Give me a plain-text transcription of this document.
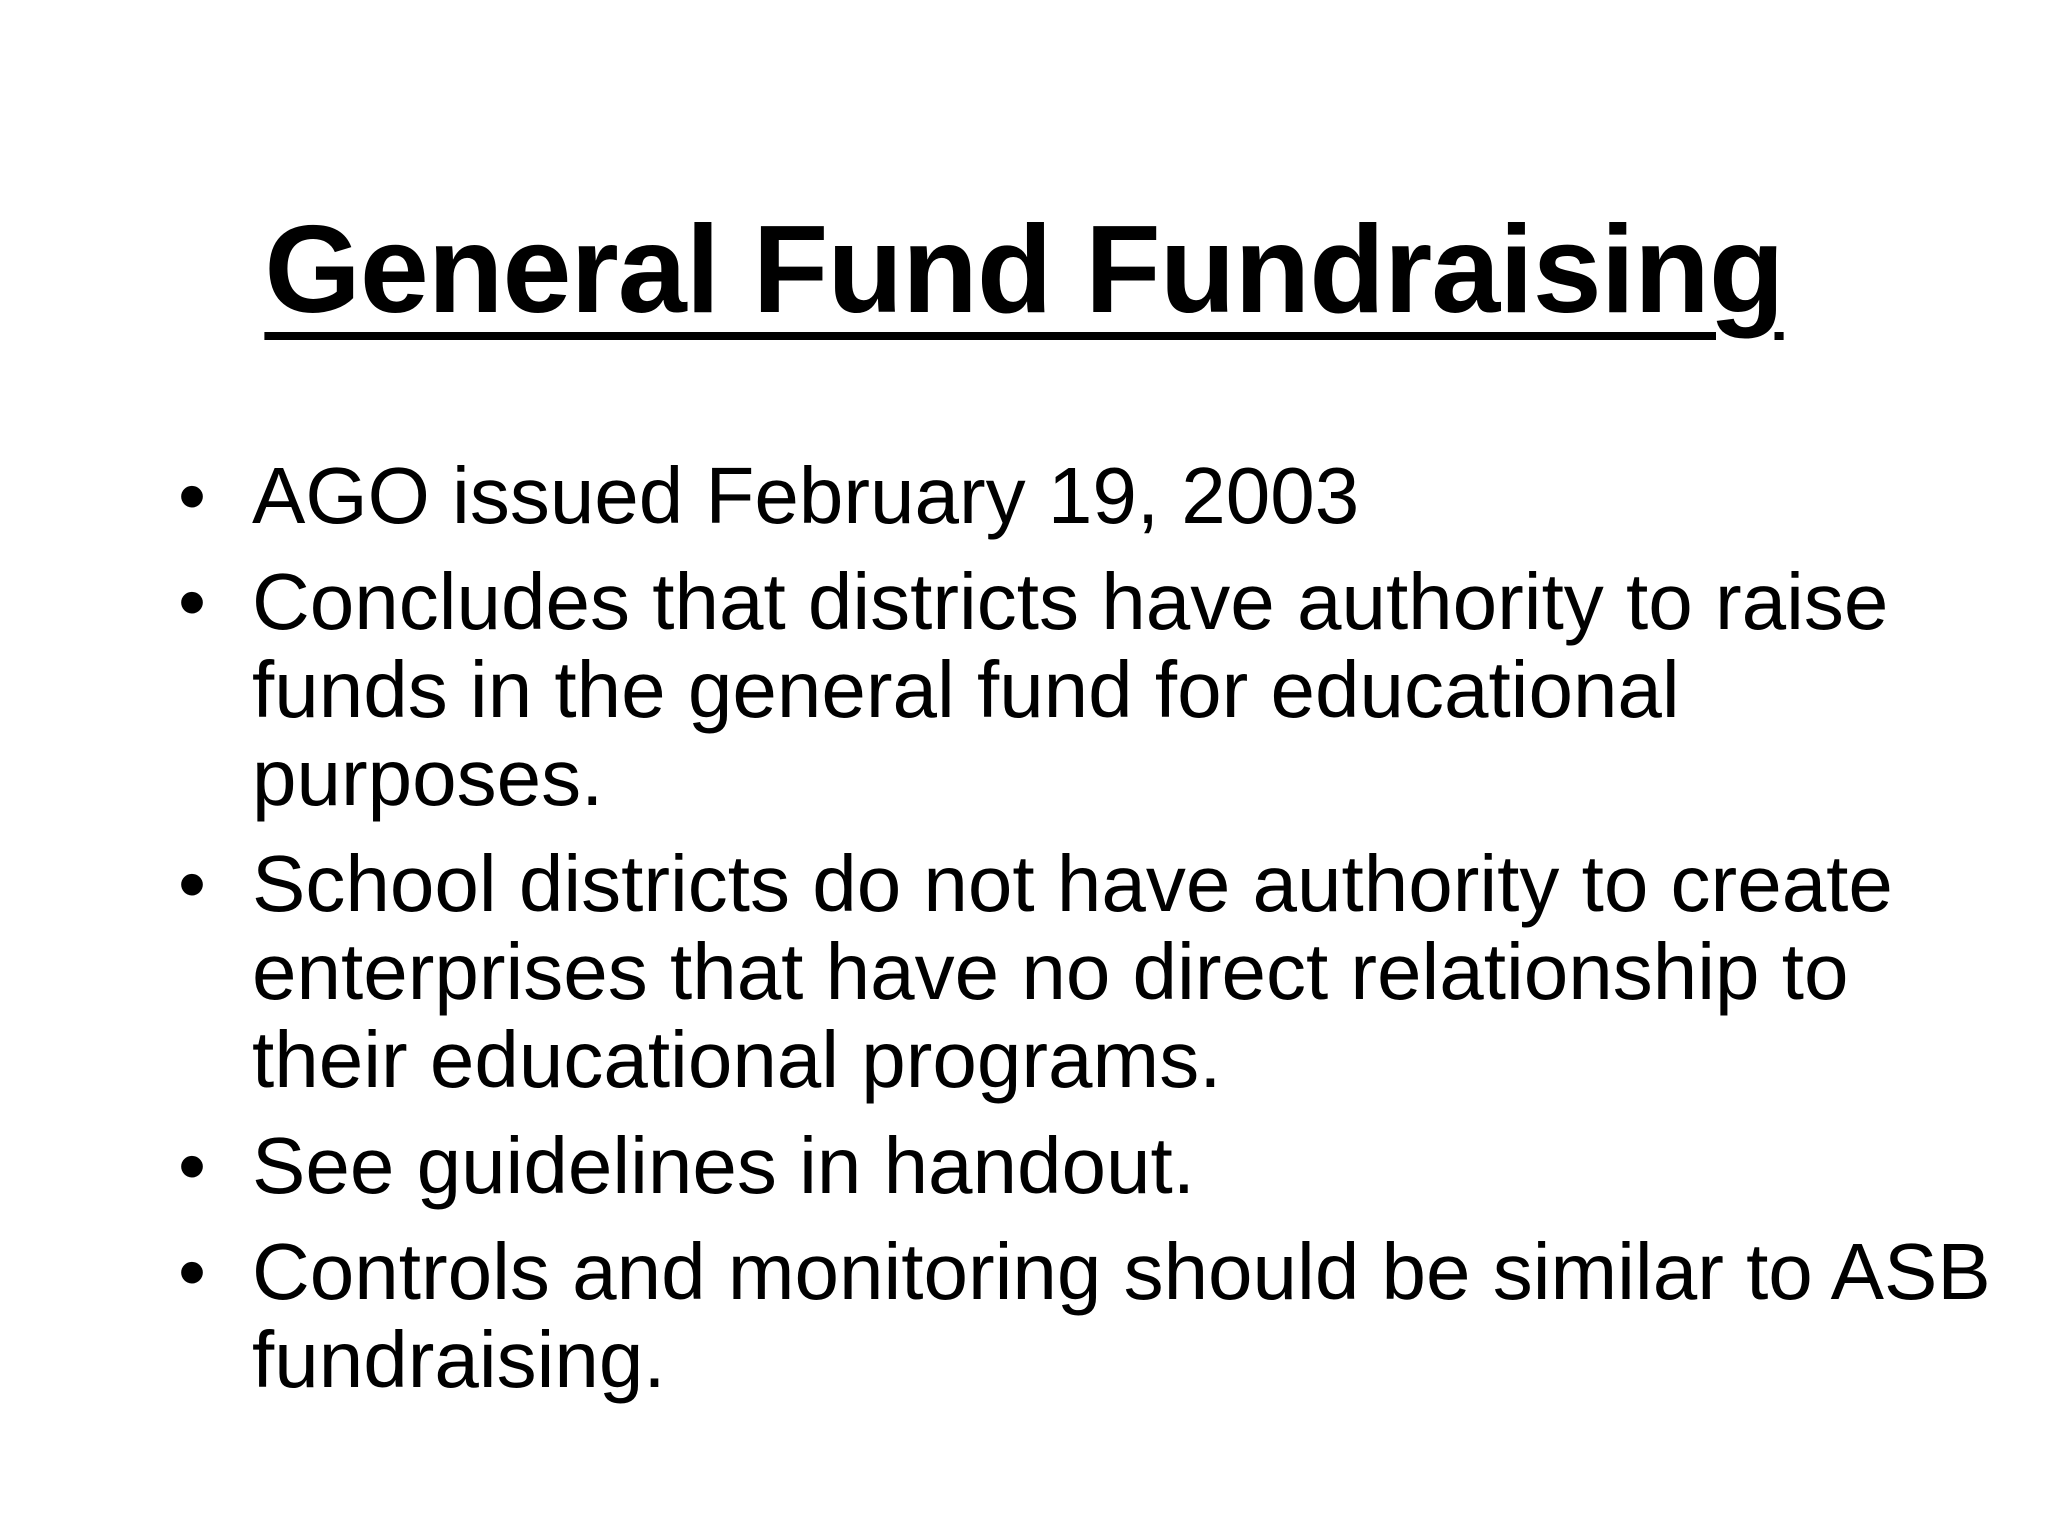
General Fund Fundraising
• AGO issued February 19, 2003
• Concludes that districts have authority to raise funds in the general fund for educational purposes.
• School districts do not have authority to create enterprises that have no direct relationship to their educational programs.
• See guidelines in handout.
• Controls and monitoring should be similar to ASB fundraising.
